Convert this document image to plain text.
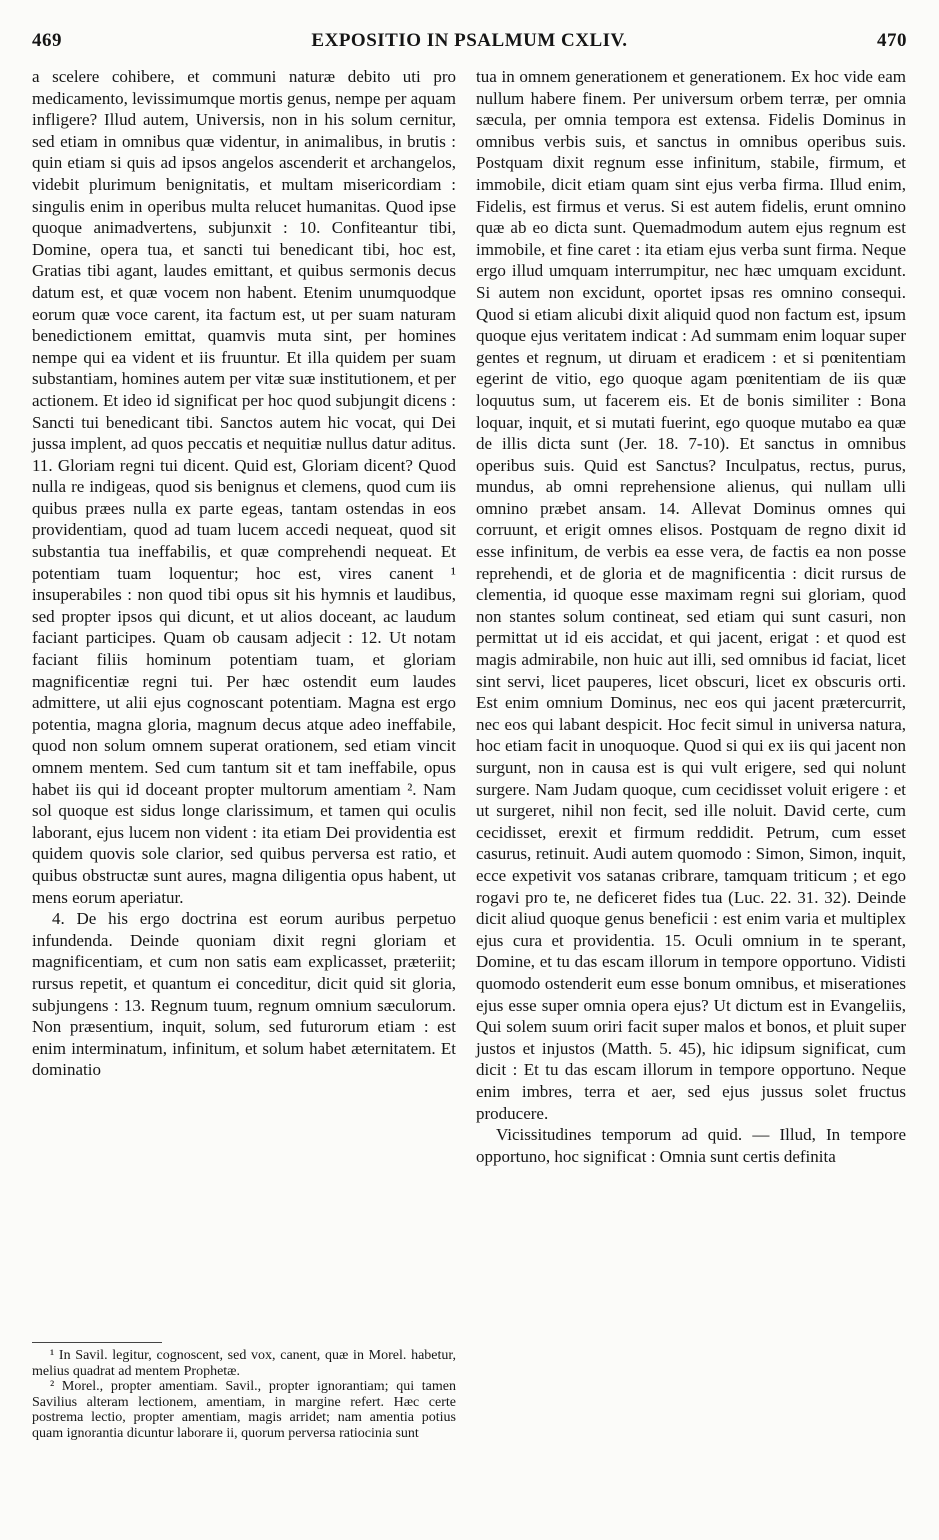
469	EXPOSITIO IN PSALMUM CXLIV.	470

a scelere cohibere, et communi naturæ debito uti pro medicamento, levissimumque mortis genus, nempe per aquam infligere? Illud autem, Universis, non in his solum cernitur, sed etiam in omnibus quæ videntur, in animalibus, in brutis : quin etiam si quis ad ipsos angelos ascenderit et archangelos, videbit plurimum benignitatis, et multam misericordiam : singulis enim in operibus multa relucet humanitas. Quod ipse quoque animadvertens, subjunxit : 10. Confiteantur tibi, Domine, opera tua, et sancti tui benedicant tibi, hoc est, Gratias tibi agant, laudes emittant, et quibus sermonis decus datum est, et quæ vocem non habent. Etenim unumquodque eorum quæ voce carent, ita factum est, ut per suam naturam benedictionem emittat, quamvis muta sint, per homines nempe qui ea vident et iis fruuntur. Et illa quidem per suam substantiam, homines autem per vitæ suæ institutionem, et per actionem. Et ideo id significat per hoc quod subjungit dicens : Sancti tui benedicant tibi. Sanctos autem hic vocat, qui Dei jussa implent, ad quos peccatis et nequitiæ nullus datur aditus. 11. Gloriam regni tui dicent. Quid est, Gloriam dicent? Quod nulla re indigeas, quod sis benignus et clemens, quod cum iis quibus præes nulla ex parte egeas, tantam ostendas in eos providentiam, quod ad tuam lucem accedi nequeat, quod sit substantia tua ineffabilis, et quæ comprehendi nequeat. Et potentiam tuam loquentur; hoc est, vires canent ¹ insuperabiles : non quod tibi opus sit his hymnis et laudibus, sed propter ipsos qui dicunt, et ut alios doceant, ac laudum faciant participes. Quam ob causam adjecit : 12. Ut notam faciant filiis hominum potentiam tuam, et gloriam magnificentiæ regni tui. Per hæc ostendit eum laudes admittere, ut alii ejus cognoscant potentiam. Magna est ergo potentia, magna gloria, magnum decus atque adeo ineffabile, quod non solum omnem superat orationem, sed etiam vincit omnem mentem. Sed cum tantum sit et tam ineffabile, opus habet iis qui id doceant propter multorum amentiam ². Nam sol quoque est sidus longe clarissimum, et tamen qui oculis laborant, ejus lucem non vident : ita etiam Dei providentia est quidem quovis sole clarior, sed quibus perversa est ratio, et quibus obstructæ sunt aures, magna diligentia opus habent, ut mens eorum aperiatur.

4. De his ergo doctrina est eorum auribus perpetuo infundenda. Deinde quoniam dixit regni gloriam et magnificentiam, et cum non satis eam explicasset, præteriit; rursus repetit, et quantum ei conceditur, dicit quid sit gloria, subjungens : 13. Regnum tuum, regnum omnium sæculorum. Non præsentium, inquit, solum, sed futurorum etiam : est enim interminatum, infinitum, et solum habet æternitatem. Et dominatio

¹ In Savil. legitur, cognoscent, sed vox, canent, quæ in Morel. habetur, melius quadrat ad mentem Prophetæ.

² Morel., propter amentiam. Savil., propter ignorantiam; qui tamen Savilius alteram lectionem, amentiam, in margine refert. Hæc certe postrema lectio, propter amentiam, magis arridet; nam amentia potius quam ignorantia dicuntur laborare ii, quorum perversa ratiocinia sunt

tua in omnem generationem et generationem. Ex hoc vide eam nullum habere finem. Per universum orbem terræ, per omnia sæcula, per omnia tempora est extensa. Fidelis Dominus in omnibus verbis suis, et sanctus in omnibus operibus suis. Postquam dixit regnum esse infinitum, stabile, firmum, et immobile, dicit etiam quam sint ejus verba firma. Illud enim, Fidelis, est firmus et verus. Si est autem fidelis, erunt omnino quæ ab eo dicta sunt. Quemadmodum autem ejus regnum est immobile, et fine caret : ita etiam ejus verba sunt firma. Neque ergo illud umquam interrumpitur, nec hæc umquam excidunt. Si autem non excidunt, oportet ipsas res omnino consequi. Quod si etiam alicubi dixit aliquid quod non factum est, ipsum quoque ejus veritatem indicat : Ad summam enim loquar super gentes et regnum, ut diruam et eradicem : et si pœnitentiam egerint de vitio, ego quoque agam pœnitentiam de iis quæ loquutus sum, ut facerem eis. Et de bonis similiter : Bona loquar, inquit, et si mutati fuerint, ego quoque mutabo ea quæ de illis dicta sunt (Jer. 18. 7-10). Et sanctus in omnibus operibus suis. Quid est Sanctus? Inculpatus, rectus, purus, mundus, ab omni reprehensione alienus, qui nullam ulli omnino præbet ansam. 14. Allevat Dominus omnes qui corruunt, et erigit omnes elisos. Postquam de regno dixit id esse infinitum, de verbis ea esse vera, de factis ea non posse reprehendi, et de gloria et de magnificentia : dicit rursus de clementia, id quoque esse maximam regni sui gloriam, quod non stantes solum contineat, sed etiam qui sunt casuri, non permittat ut id eis accidat, et qui jacent, erigat : et quod est magis admirabile, non huic aut illi, sed omnibus id faciat, licet sint servi, licet pauperes, licet obscuri, licet ex obscuris orti. Est enim omnium Dominus, nec eos qui jacent prætercurrit, nec eos qui labant despicit. Hoc fecit simul in universa natura, hoc etiam facit in unoquoque. Quod si qui ex iis qui jacent non surgunt, non in causa est is qui vult erigere, sed qui nolunt surgere. Nam Judam quoque, cum cecidisset voluit erigere : et ut surgeret, nihil non fecit, sed ille noluit. David certe, cum cecidisset, erexit et firmum reddidit. Petrum, cum esset casurus, retinuit. Audi autem quomodo : Simon, Simon, inquit, ecce expetivit vos satanas cribrare, tamquam triticum ; et ego rogavi pro te, ne deficeret fides tua (Luc. 22. 31. 32). Deinde dicit aliud quoque genus beneficii : est enim varia et multiplex ejus cura et providentia. 15. Oculi omnium in te sperant, Domine, et tu das escam illorum in tempore opportuno. Vidisti quomodo ostenderit eum esse bonum omnibus, et miserationes ejus esse super omnia opera ejus? Ut dictum est in Evangeliis, Qui solem suum oriri facit super malos et bonos, et pluit super justos et injustos (Matth. 5. 45), hic idipsum significat, cum dicit : Et tu das escam illorum in tempore opportuno. Neque enim imbres, terra et aer, sed ejus jussus solet fructus producere.

Vicissitudines temporum ad quid. — Illud, In tempore opportuno, hoc significat : Omnia sunt certis definita
